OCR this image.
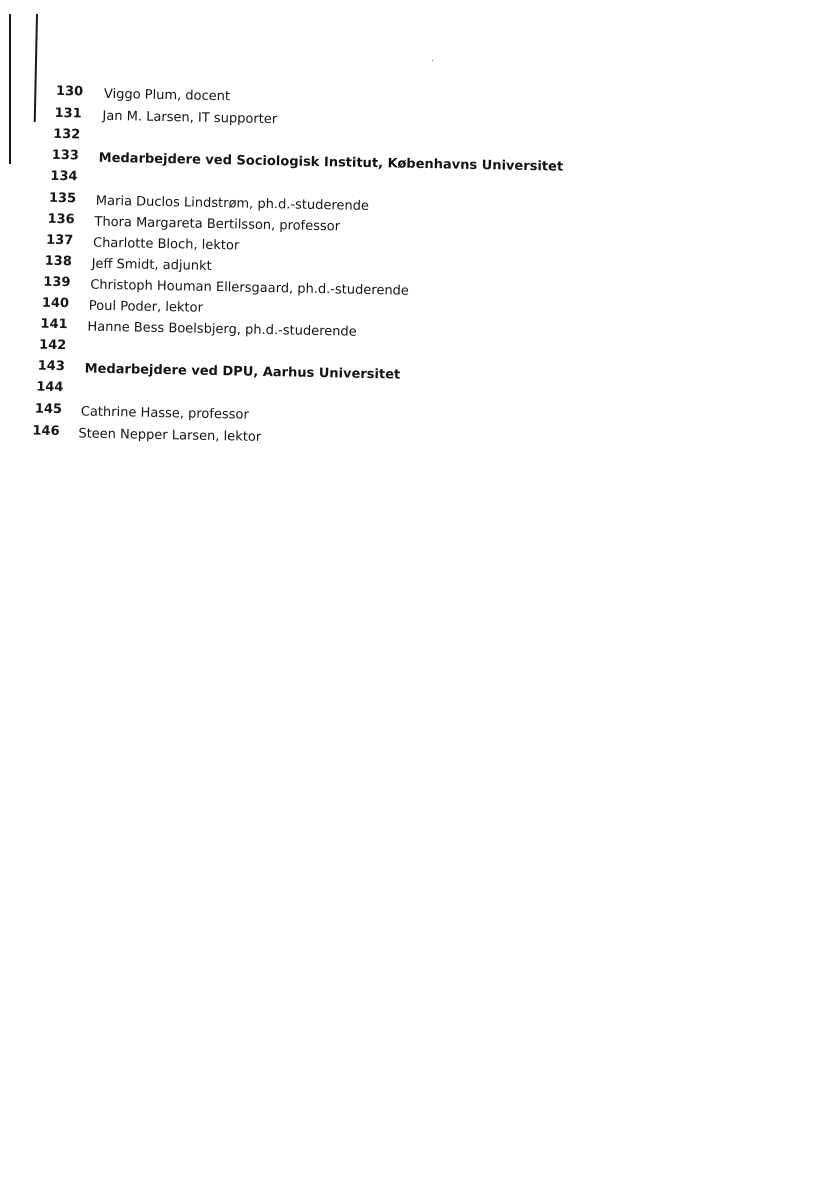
130	Viggo Plum, docent
131	Jan M. Larsen, IT supporter
132
133	Medarbejdere ved Sociologisk Institut, Københavns Universitet
134
135	Maria Duclos Lindstrøm, ph.d.-studerende
136	Thora Margareta Bertilsson, professor
137	Charlotte Bloch, lektor
138	Jeff Smidt, adjunkt
139	Christoph Houman Ellersgaard, ph.d.-studerende
140	Poul Poder, lektor
141	Hanne Bess Boelsbjerg, ph.d.-studerende
142
143	Medarbejdere ved DPU, Aarhus Universitet
144
145	Cathrine Hasse, professor
146	Steen Nepper Larsen, lektor
